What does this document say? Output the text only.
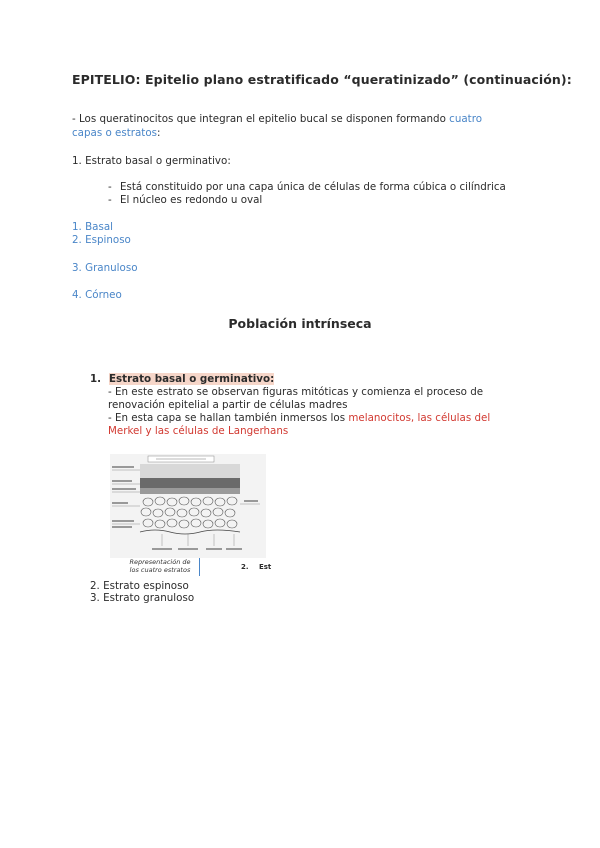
EPITELIO: Epitelio plano estratificado “queratinizado” (continuación):
- Los queratinocitos que integran el epitelio bucal se disponen formando cuatro
capas o estratos:
1. Estrato basal o germinativo:
- Está constituido por una capa única de células de forma cúbica o cilíndrica
- El núcleo es redondo u oval
1. Basal
2. Espinoso
3. Granuloso
4. Córneo
Población intrínseca
1. Estrato basal o germinativo:
- En este estrato se observan figuras mitóticas y comienza el proceso de
renovación epitelial a partir de células madres
- En esta capa se hallan también inmersos los melanocitos, las células del
Merkel y las células de Langerhans
Representación de
los cuatro estratos	2. Est
2. Estrato espinoso
3. Estrato granuloso
